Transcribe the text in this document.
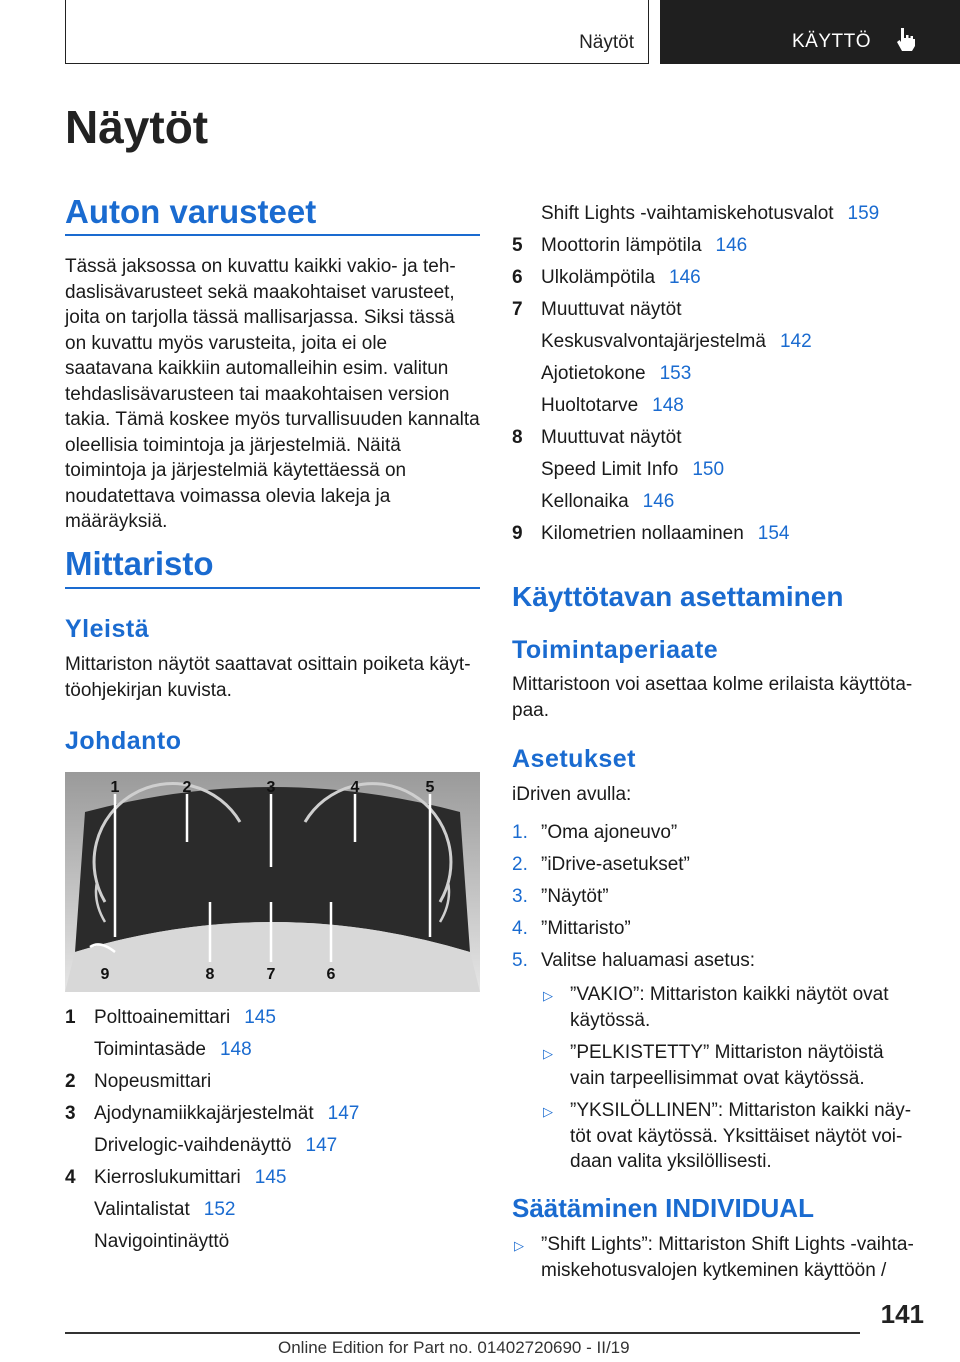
Näytöt	KÄYTTÖ
Näytöt
Auton varusteet

Tässä jaksossa on kuvattu kaikki vakio- ja tehdaslisävarusteet sekä maakohtaiset varusteet, joita on tarjolla tässä mallisarjassa. Siksi tässä on kuvattu myös varusteita, joita ei ole saatavana kaikkiin automalleihin esim. valitun tehdaslisävarusteen tai maakohtaisen version takia. Tämä koskee myös turvallisuuden kannalta oleellisia toimintoja ja järjestelmiä. Näitä toimintoja ja järjestelmiä käytettäessä on noudatettava voimassa olevia lakeja ja määräyksiä.

Mittaristo
Yleistä

Mittariston näytöt saattavat osittain poiketa käyttöohjekirjan kuvista.

Johdanto
1	2	3	4	5
9	8	7	6
1 Polttoainemittari 145
Toimintasäde 148
2 Nopeusmittari
3 Ajodynamiikkajärjestelmät 147
Drivelogic-vaihdenäyttö 147
4 Kierroslukumittari 145
Valintalistat 152
Navigointinäyttö
Shift Lights -vaihtamiskehotusvalot 159
5 Moottorin lämpötila 146
6 Ulkolämpötila 146
7 Muuttuvat näytöt
Keskusvalvontajärjestelmä 142
Ajotietokone 153
Huoltotarve 148
8 Muuttuvat näytöt
Speed Limit Info 150
Kellonaika 146
9 Kilometrien nollaaminen 154
Käyttötavan asettaminen
Toimintaperiaate

Mittaristoon voi asettaa kolme erilaista käyttötapaa.

Asetukset

iDriven avulla:

1. ”Oma ajoneuvo”
2. ”iDrive-asetukset”
3. ”Näytöt”
4. ”Mittaristo”
5. Valitse haluamasi asetus:
▷ ”VAKIO”: Mittariston kaikki näytöt ovat käytössä.

▷ ”PELKISTETTY” Mittariston näytöistä vain tarpeellisimmat ovat käytössä.

▷ ”YKSILÖLLINEN”: Mittariston kaikki näytöt ovat käytössä. Yksittäiset näytöt voidaan valita yksilöllisesti.

Säätäminen INDIVIDUAL
▷ ”Shift Lights”: Mittariston Shift Lights -vaihtamiskehotusvalojen kytkeminen käyttöön /

141
Online Edition for Part no. 01402720690 - II/19
